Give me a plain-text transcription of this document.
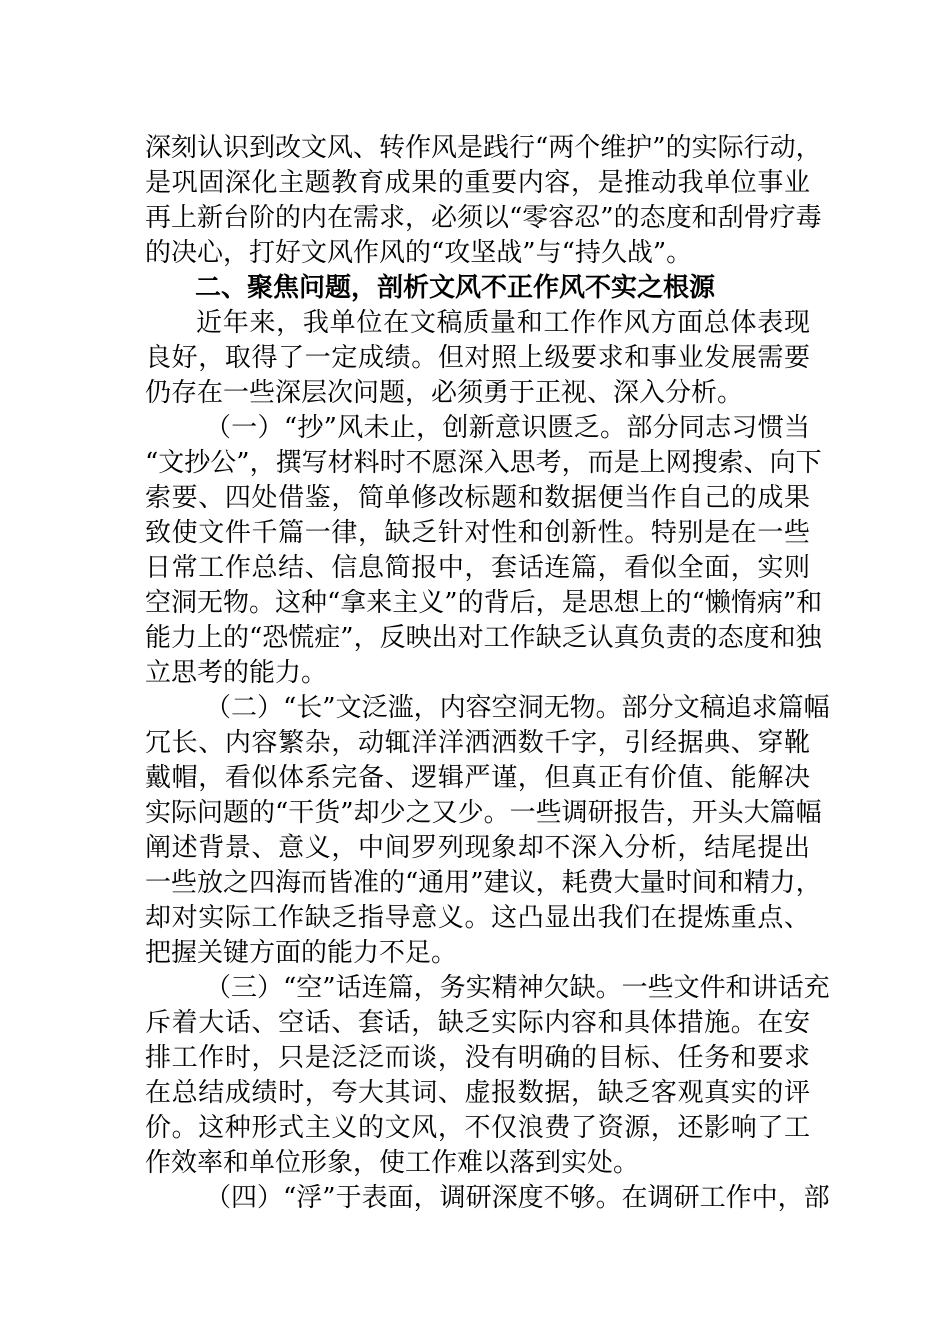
深刻认识到改文风、转作风是践行“两个维护”的实际行动，
是巩固深化主题教育成果的重要内容，是推动我单位事业
再上新台阶的内在需求，必须以“零容忍”的态度和刮骨疗毒
的决心，打好文风作风的“攻坚战”与“持久战”。
二、聚焦问题，剖析文风不正作风不实之根源
近年来，我单位在文稿质量和工作作风方面总体表现
良好，取得了一定成绩。但对照上级要求和事业发展需要
仍存在一些深层次问题，必须勇于正视、深入分析。
（一）“抄”风未止，创新意识匮乏。部分同志习惯当
“文抄公”，撰写材料时不愿深入思考，而是上网搜索、向下
索要、四处借鉴，简单修改标题和数据便当作自己的成果
致使文件千篇一律，缺乏针对性和创新性。特别是在一些
日常工作总结、信息简报中，套话连篇，看似全面，实则
空洞无物。这种“拿来主义”的背后，是思想上的“懒惰病”和
能力上的“恐慌症”，反映出对工作缺乏认真负责的态度和独
立思考的能力。
（二）“长”文泛滥，内容空洞无物。部分文稿追求篇幅
冗长、内容繁杂，动辄洋洋洒洒数千字，引经据典、穿靴
戴帽，看似体系完备、逻辑严谨，但真正有价值、能解决
实际问题的“干货”却少之又少。一些调研报告，开头大篇幅
阐述背景、意义，中间罗列现象却不深入分析，结尾提出
一些放之四海而皆准的“通用”建议，耗费大量时间和精力，
却对实际工作缺乏指导意义。这凸显出我们在提炼重点、
把握关键方面的能力不足。
（三）“空”话连篇，务实精神欠缺。一些文件和讲话充
斥着大话、空话、套话，缺乏实际内容和具体措施。在安
排工作时，只是泛泛而谈，没有明确的目标、任务和要求
在总结成绩时，夸大其词、虚报数据，缺乏客观真实的评
价。这种形式主义的文风，不仅浪费了资源，还影响了工
作效率和单位形象，使工作难以落到实处。
（四）“浮”于表面，调研深度不够。在调研工作中，部
